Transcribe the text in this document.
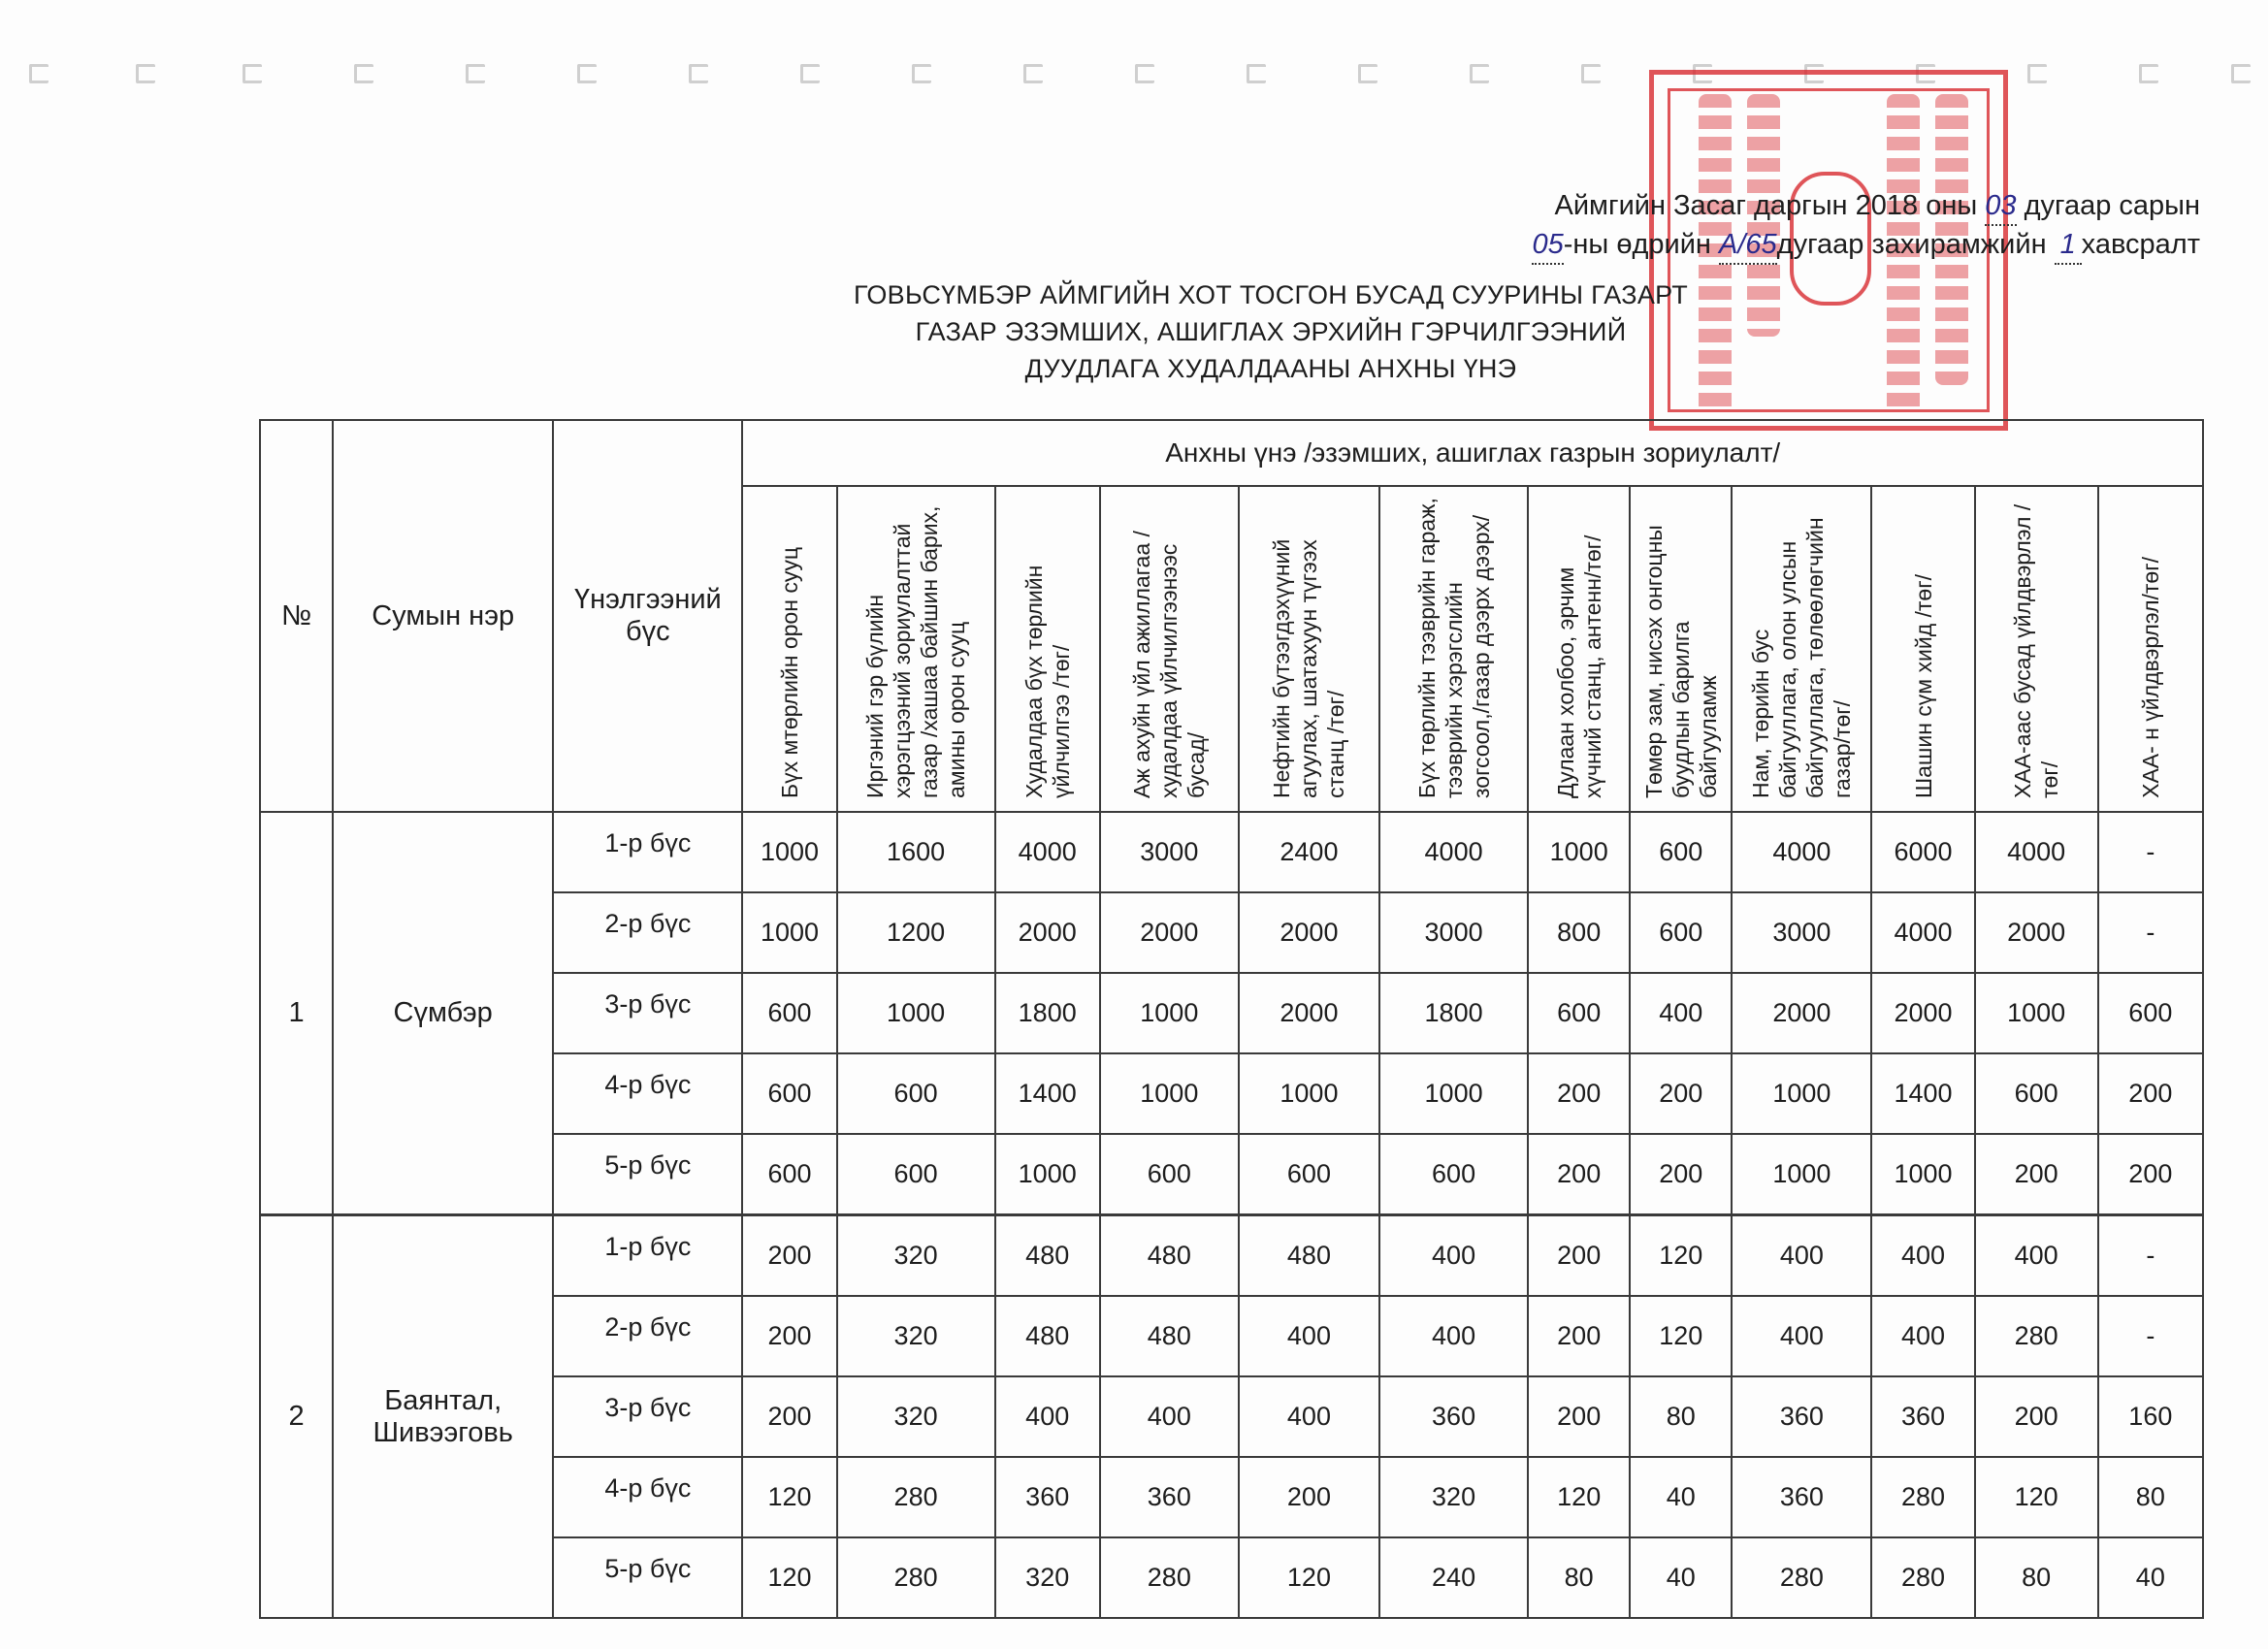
Аймгийн Засаг даргын 2018 оны 03 дугаар сарын
05-ны өдрийн A/65дугаар захирамжийн 1 хавсралт
ГОВЬСҮМБЭР АЙМГИЙН ХОТ ТОСГОН БУСАД СУУРИНЫ ГАЗАРТ
ГАЗАР ЭЗЭМШИХ, АШИГЛАХ ЭРХИЙН ГЭРЧИЛГЭЭНИЙ
ДУУДЛАГА ХУДАЛДААНЫ АНХНЫ ҮНЭ
№	Сумын нэр	Үнэлгээний бүс	Анхны үнэ /эзэмших, ашиглах газрын зориулалт/											
			Бүх мтөрлийн орон сууц	Иргэний гэр бүлийн хэрэгцээний зориулалттай газар /хашаа байшин барих, амины орон сууц	Худалдаа бүх төрлийн үйлчилгээ /төг/	Аж ахуйн үйл ажиллагаа /худалдаа үйлчилгээнээс бусад/	Нефтийн бүтээгдэхүүний агуулах, шатахуун түгээх станц /төг/	Бүх төрлийн тээврийн гараж, тээврийн хэрэгслийн зогсоол,/газар дээрх дээрх/	Дулаан холбоо, эрчим хүчний станц, антенн/төг/	Төмөр зам, нисэх онгоцны буудлын барилга байгууламж	Нам, төрийн бус байгууллага, олон улсын байгууллага, төлөөлөгчийн газар/төг/	Шашин сүм хийд /төг/	ХАА-аас бусад үйлдвэрлэл /төг/	ХАА- н үйлдвэрлэл/төг/
1	Сүмбэр	1-р бүс	1000	1600	4000	3000	2400	4000	1000	600	4000	6000	4000	-
		2-р бүс	1000	1200	2000	2000	2000	3000	800	600	3000	4000	2000	-
		3-р бүс	600	1000	1800	1000	2000	1800	600	400	2000	2000	1000	600
		4-р бүс	600	600	1400	1000	1000	1000	200	200	1000	1400	600	200
		5-р бүс	600	600	1000	600	600	600	200	200	1000	1000	200	200
2	Баянтал, Шивээговь	1-р бүс	200	320	480	480	480	400	200	120	400	400	400	-
		2-р бүс	200	320	480	480	400	400	200	120	400	400	280	-
		3-р бүс	200	320	400	400	400	360	200	80	360	360	200	160
		4-р бүс	120	280	360	360	200	320	120	40	360	280	120	80
		5-р бүс	120	280	320	280	120	240	80	40	280	280	80	40
